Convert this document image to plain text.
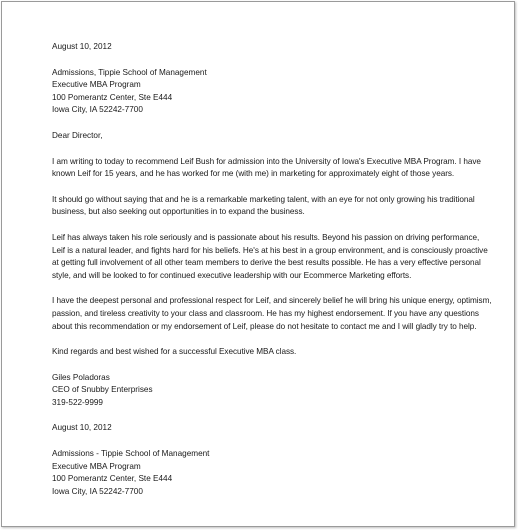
August 10, 2012
Admissions, Tippie School of Management
Executive MBA Program
100 Pomerantz Center, Ste E444
Iowa City, IA 52242-7700
Dear Director,
I am writing to today to recommend Leif Bush for admission into the University of Iowa's Executive MBA Program. I have
known Leif for 15 years, and he has worked for me (with me) in marketing for approximately eight of those years.
It should go without saying that and he is a remarkable marketing talent, with an eye for not only growing his traditional
business, but also seeking out opportunities in to expand the business.
Leif has always taken his role seriously and is passionate about his results. Beyond his passion on driving performance,
Leif is a natural leader, and fights hard for his beliefs. He's at his best in a group environment, and is consciously proactive
at getting full involvement of all other team members to derive the best results possible. He has a very effective personal
style, and will be looked to for continued executive leadership with our Ecommerce Marketing efforts.
I have the deepest personal and professional respect for Leif, and sincerely belief he will bring his unique energy, optimism,
passion, and tireless creativity to your class and classroom. He has my highest endorsement. If you have any questions
about this recommendation or my endorsement of Leif, please do not hesitate to contact me and I will gladly try to help.
Kind regards and best wished for a successful Executive MBA class.
Giles Poladoras
CEO of Snubby Enterprises
319-522-9999
August 10, 2012
Admissions - Tippie School of Management
Executive MBA Program
100 Pomerantz Center, Ste E444
Iowa City, IA 52242-7700
